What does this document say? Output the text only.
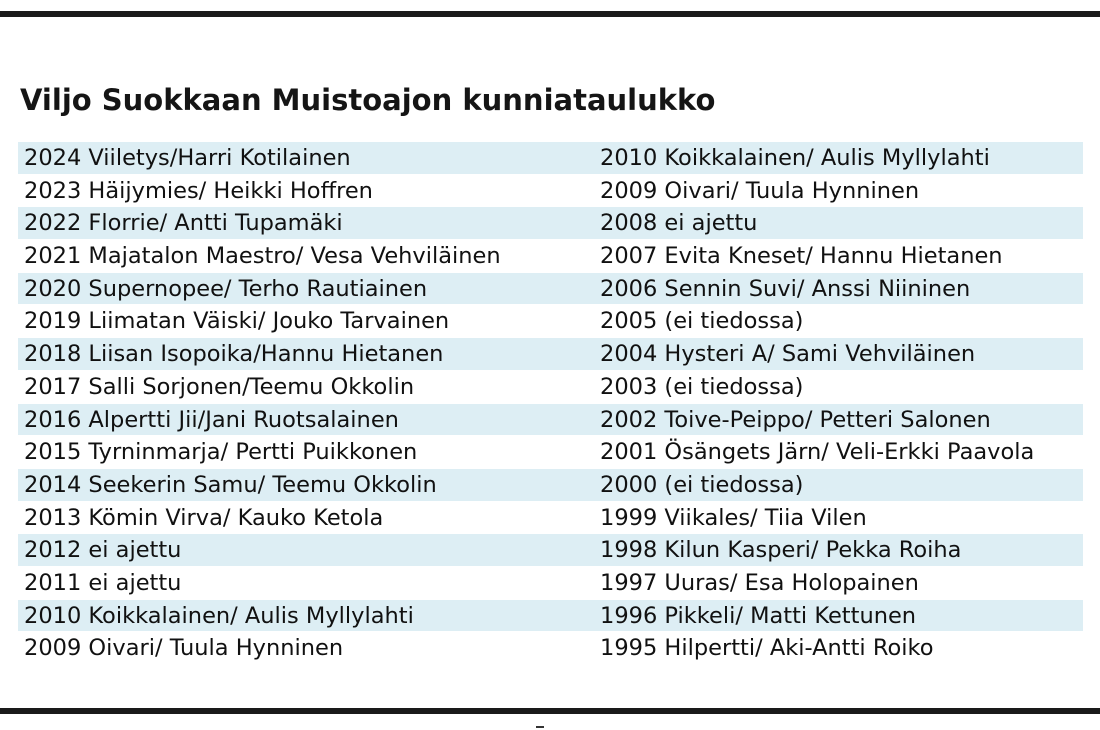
Viljo Suokkaan Muistoajon kunniataulukko
2024 Viiletys/Harri Kotilainen
2023 Häijymies/ Heikki Hoffren
2022 Florrie/ Antti Tupamäki
2021 Majatalon Maestro/ Vesa Vehviläinen
2020 Supernopee/ Terho Rautiainen
2019 Liimatan Väiski/ Jouko Tarvainen
2018 Liisan Isopoika/Hannu Hietanen
2017 Salli Sorjonen/Teemu Okkolin
2016 Alpertti Jii/Jani Ruotsalainen
2015 Tyrninmarja/ Pertti Puikkonen
2014 Seekerin Samu/ Teemu Okkolin
2013 Kömin Virva/ Kauko Ketola
2012 ei ajettu
2011 ei ajettu
2010 Koikkalainen/ Aulis Myllylahti
2009 Oivari/ Tuula Hynninen
2010 Koikkalainen/ Aulis Myllylahti
2009 Oivari/ Tuula Hynninen
2008 ei ajettu
2007 Evita Kneset/ Hannu Hietanen
2006 Sennin Suvi/ Anssi Niininen
2005 (ei tiedossa)
2004 Hysteri A/ Sami Vehviläinen
2003 (ei tiedossa)
2002 Toive-Peippo/ Petteri Salonen
2001 Ösängets Järn/ Veli-Erkki Paavola
2000 (ei tiedossa)
1999 Viikales/ Tiia Vilen
1998 Kilun Kasperi/ Pekka Roiha
1997 Uuras/ Esa Holopainen
1996 Pikkeli/ Matti Kettunen
1995 Hilpertti/ Aki-Antti Roiko
